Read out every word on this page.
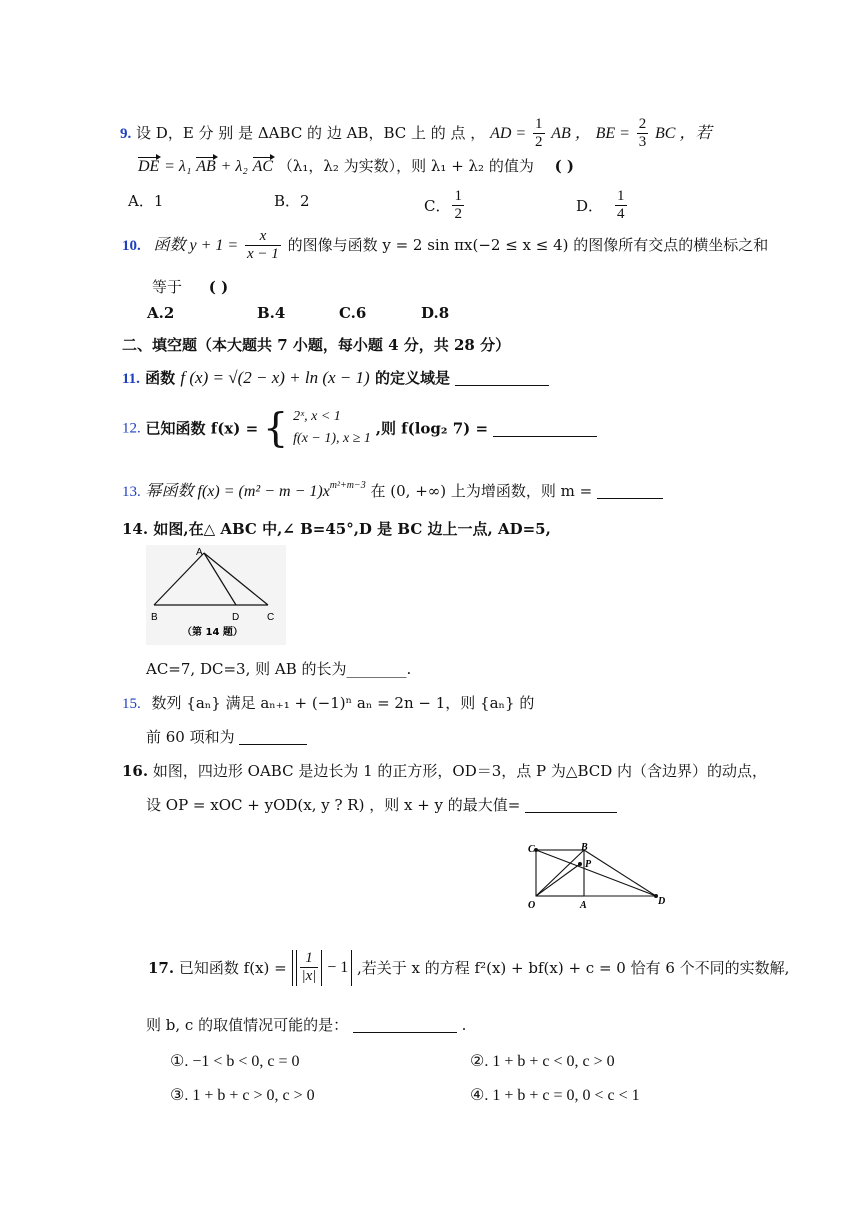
9. 设 D，E 分 别 是 ΔABC 的 边 AB，BC 上 的 点 ， AD = $\frac{1}{2}$ AB ， BE = $\frac{2}{3}$ BC ，若
DE = λ₁ AB + λ₂ AC （λ₁，λ₂ 为实数），则 λ₁ + λ₂ 的值为 ( )
A．1	B．2	C． $\frac{1}{2}$	D． $\frac{1}{4}$
10. 函数 $y + 1 = \frac{x}{x - 1}$ 的图像与函数 y = 2 sin πx(−2 ≤ x ≤ 4) 的图像所有交点的横坐标之和
等于 ( )
A.2	B.4	C.6	D.8
二、填空题（本大题共 7 小题，每小题 4 分，共 28 分）
11. 函数 f (x) = √(2 − x) + ln (x − 1) 的定义域是
12. 已知函数 f(x) = { 2ˣ, x < 1
f(x − 1), x ≥ 1
,则 f(log₂ 7) =
13. 幂函数 $f(x) = (m^2 - m - 1)x^{m^2+m-3}$ 在 (0, +∞) 上为增函数，则 m =
14. 如图,在△ ABC 中,∠ B=45°,D 是 BC 边上一点, AD=5,
A
B	D	C
（第 14 题）
AC=7, DC=3, 则 AB 的长为________.
15. 数列 {aₙ} 满足 aₙ₊₁ + (−1)ⁿ aₙ = 2n − 1，则 {aₙ} 的
前 60 项和为
16. 如图，四边形 OABC 是边长为 1 的正方形，OD＝3，点 P 为△BCD 内（含边界）的动点，
设 OP = xOC + yOD(x, y ? R) ，则 x + y 的最大值=
C	B
P
O	A	D
17. 已知函数 $f(x) = \frac{1}{|x|} - 1$ ,若关于 x 的方程 f²(x) + bf(x) + c = 0 恰有 6 个不同的实数解,
则 b, c 的取值情况可能的是：	.
①. −1 < b < 0, c = 0	②. 1 + b + c < 0, c > 0
③. 1 + b + c > 0, c > 0	④. 1 + b + c = 0, 0 < c < 1
